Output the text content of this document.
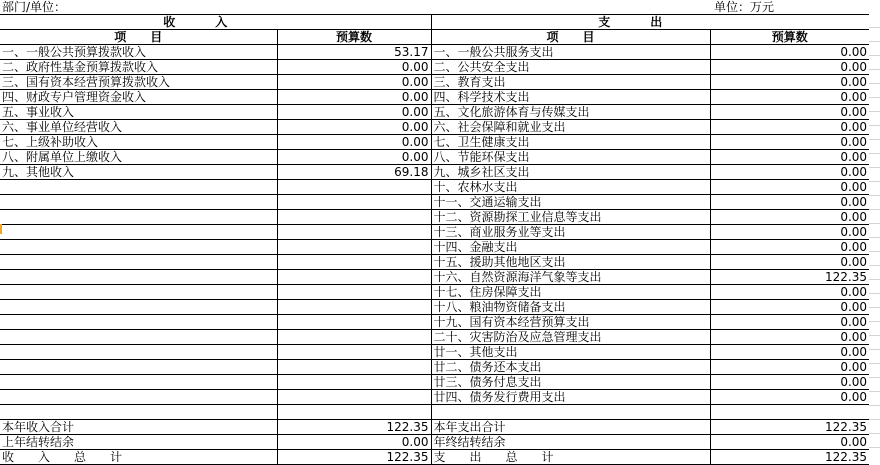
部门/单位：	单位：万元
收入		支出	
项　　目	预算数	项　　目	预算数
一、一般公共预算拨款收入	53.17	一、一般公共服务支出	0.00
二、政府性基金预算拨款收入	0.00	二、公共安全支出	0.00
三、国有资本经营预算拨款收入	0.00	三、教育支出	0.00
四、财政专户管理资金收入	0.00	四、科学技术支出	0.00
五、事业收入	0.00	五、文化旅游体育与传媒支出	0.00
六、事业单位经营收入	0.00	六、社会保障和就业支出	0.00
七、上级补助收入	0.00	七、卫生健康支出	0.00
八、附属单位上缴收入	0.00	八、节能环保支出	0.00
九、其他收入	69.18	九、城乡社区支出	0.00
		十、农林水支出	0.00
		十一、交通运输支出	0.00
		十二、资源勘探工业信息等支出	0.00
		十三、商业服务业等支出	0.00
		十四、金融支出	0.00
		十五、援助其他地区支出	0.00
		十六、自然资源海洋气象等支出	122.35
		十七、住房保障支出	0.00
		十八、粮油物资储备支出	0.00
		十九、国有资本经营预算支出	0.00
		二十、灾害防治及应急管理支出	0.00
		廿一、其他支出	0.00
		廿二、债务还本支出	0.00
		廿三、债务付息支出	0.00
		廿四、债务发行费用支出	0.00

本年收入合计	122.35	本年支出合计	122.35
上年结转结余	0.00	年终结转结余	0.00
收　　入　　总　　计	122.35	支　　出　　总　　计	122.35
